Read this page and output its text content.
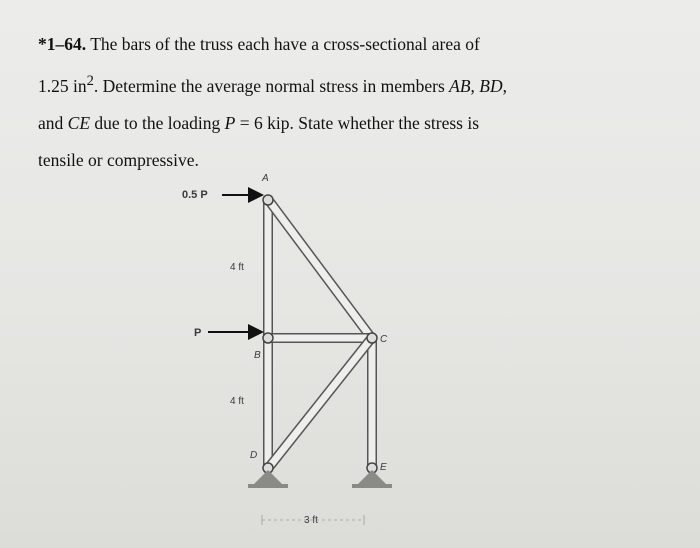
*1–64. The bars of the truss each have a cross-sectional area of
1.25 $in^2$. Determine the average normal stress in members AB, BD,
and CE due to the loading P = 6 kip. State whether the stress is
tensile or compressive.
0.5 P
P
4 ft
4 ft
3 ft
A
B
C
D
E
